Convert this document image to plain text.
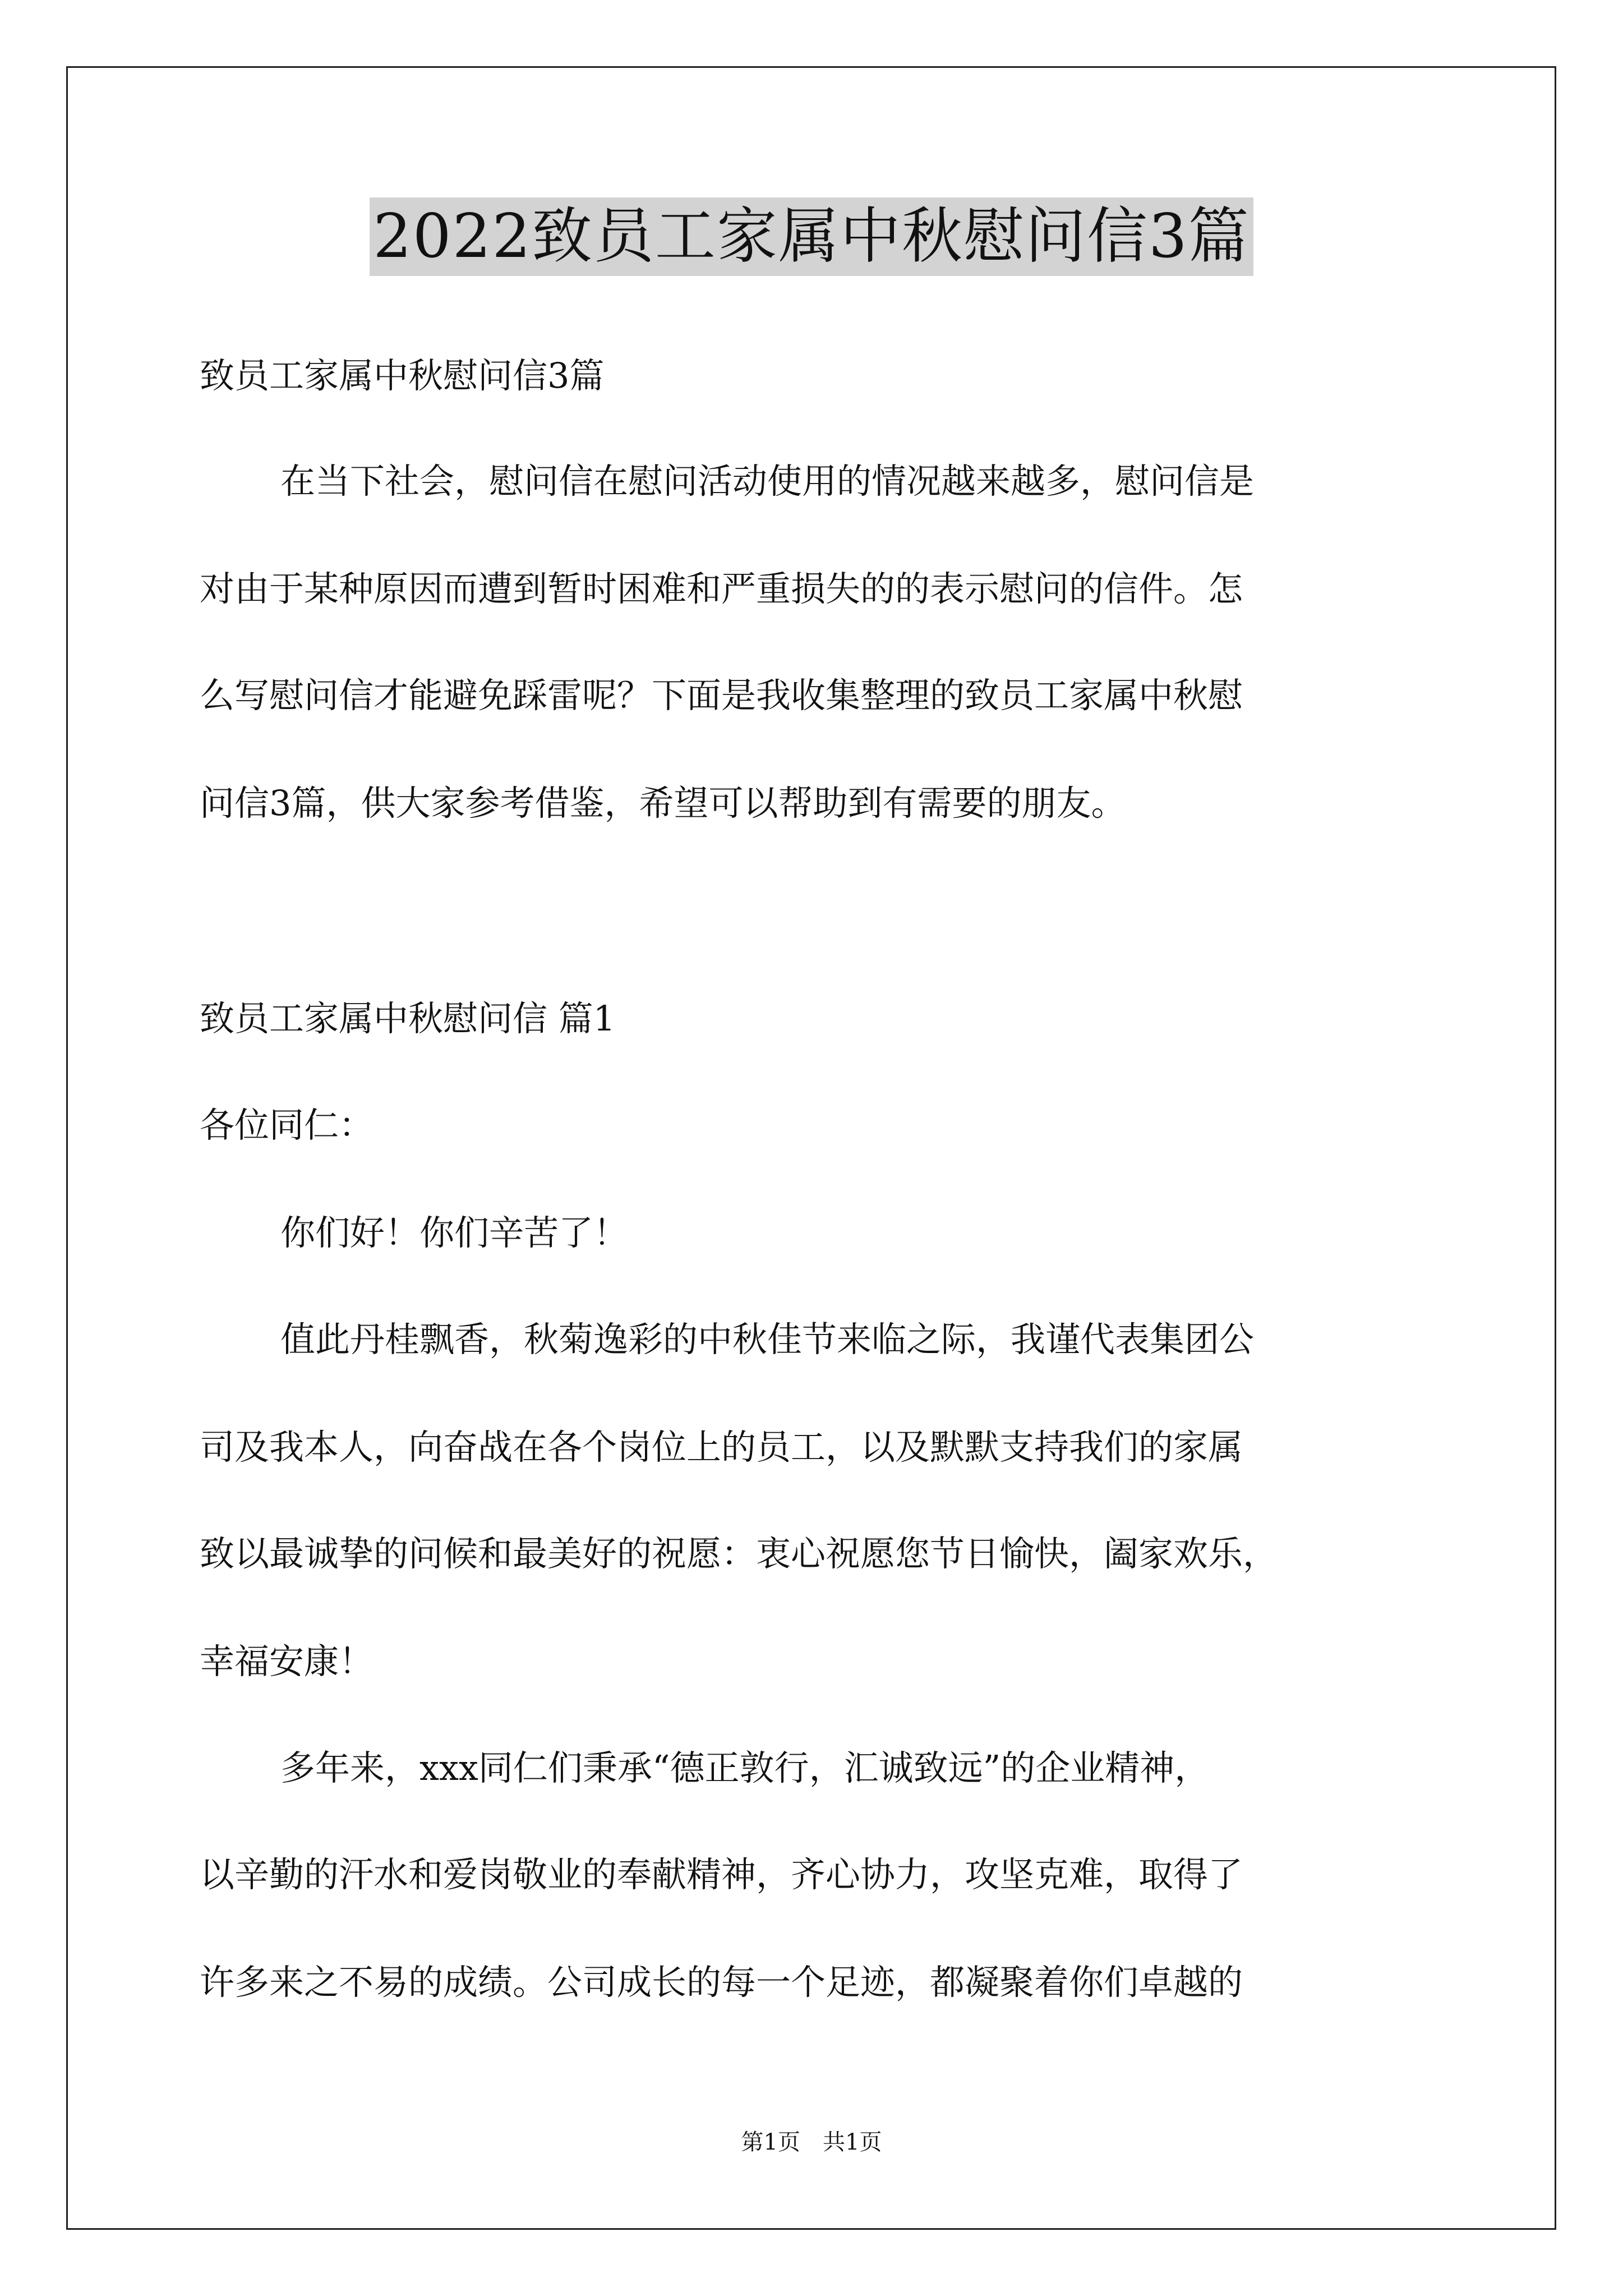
2022致员工家属中秋慰问信3篇
致员工家属中秋慰问信3篇
在当下社会，慰问信在慰问活动使用的情况越来越多，慰问信是
对由于某种原因而遭到暂时困难和严重损失的的表示慰问的信件。怎
么写慰问信才能避免踩雷呢？下面是我收集整理的致员工家属中秋慰
问信3篇，供大家参考借鉴，希望可以帮助到有需要的朋友。
致员工家属中秋慰问信 篇1
各位同仁：
你们好！你们辛苦了！
值此丹桂飘香，秋菊逸彩的中秋佳节来临之际，我谨代表集团公
司及我本人，向奋战在各个岗位上的员工，以及默默支持我们的家属
致以最诚挚的问候和最美好的祝愿：衷心祝愿您节日愉快，阖家欢乐，
幸福安康！
多年来，xxx同仁们秉承“德正敦行，汇诚致远”的企业精神，
以辛勤的汗水和爱岗敬业的奉献精神，齐心协力，攻坚克难，取得了
许多来之不易的成绩。公司成长的每一个足迹，都凝聚着你们卓越的
第1页　共1页
